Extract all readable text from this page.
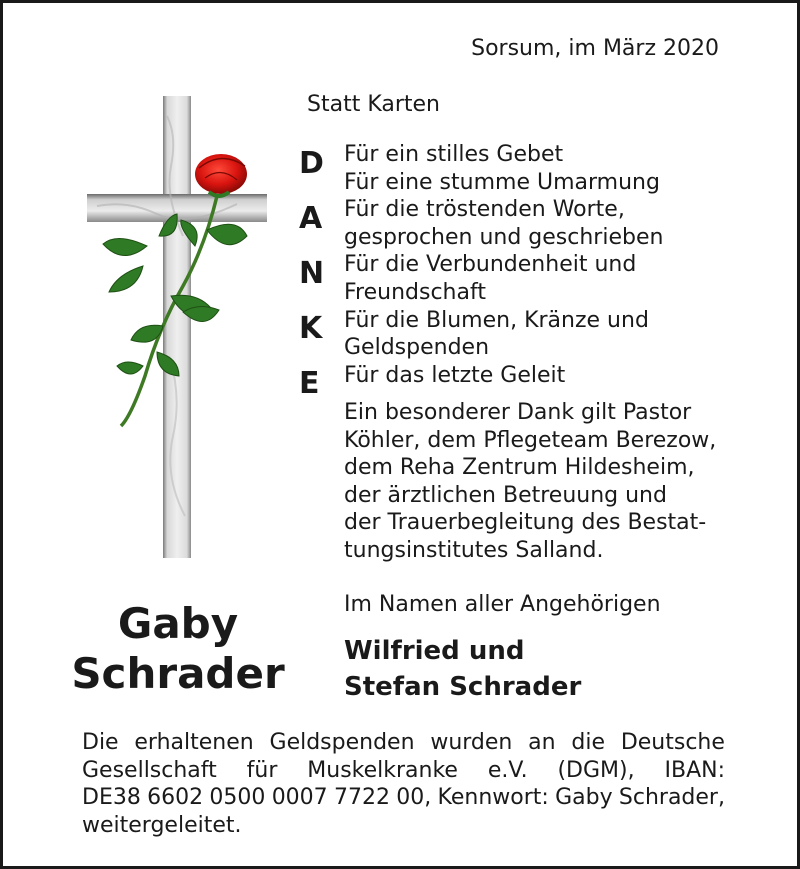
Sorsum, im März 2020
Statt Karten
D
A
N
K
E
Für ein stilles Gebet
Für eine stumme Umarmung
Für die tröstenden Worte,
gesprochen und geschrieben
Für die Verbundenheit und
Freundschaft
Für die Blumen, Kränze und
Geldspenden
Für das letzte Geleit
Ein besonderer Dank gilt Pastor
Köhler, dem Pflegeteam Berezow,
dem Reha Zentrum Hildesheim,
der ärztlichen Betreuung und
der Trauerbegleitung des Bestat-
tungsinstitutes Salland.
Gaby
Schrader
Im Namen aller Angehörigen
Wilfried und
Stefan Schrader
Die erhaltenen Geldspenden wurden an die Deutsche
Gesellschaft für Muskelkranke e.V. (DGM), IBAN:
DE38 6602 0500 0007 7722 00, Kennwort: Gaby Schrader,
weitergeleitet.
